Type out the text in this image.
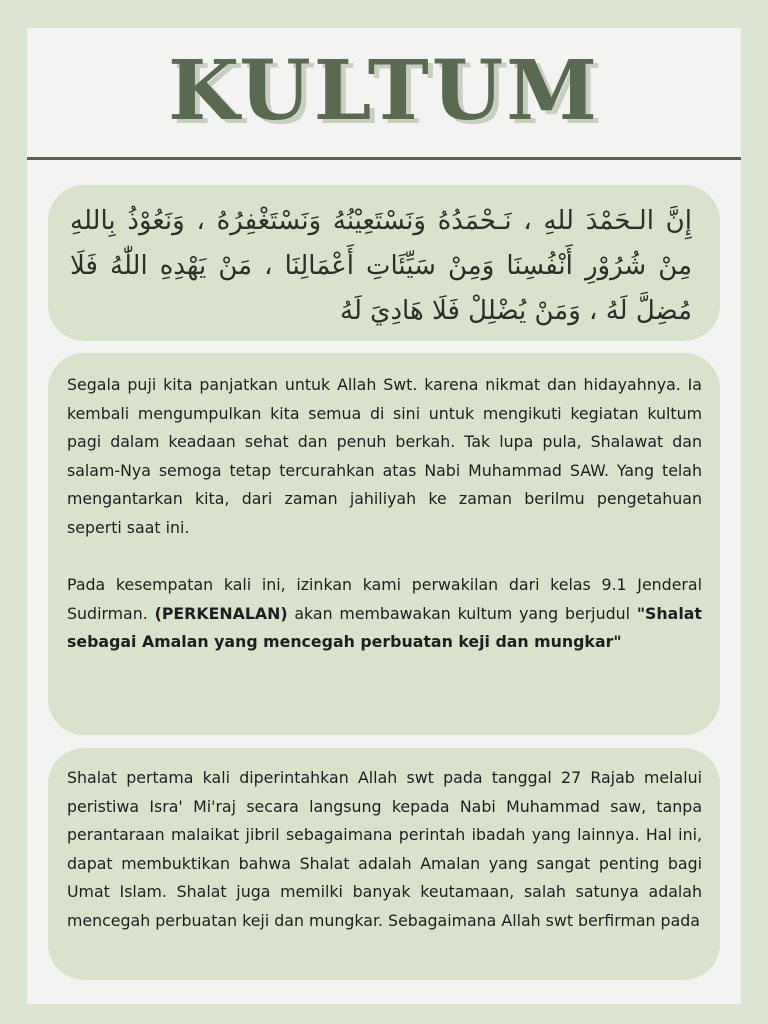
KULTUM
إِنَّ الـحَمْدَ للهِ ، نَـحْمَدُهُ وَنَسْتَعِيْنُهُ وَنَسْتَغْفِرُهُ ، وَنَعُوْذُ بِاللهِ مِنْ شُرُوْرِ أَنْفُسِنَا وَمِنْ سَيِّئَاتِ أَعْمَالِنَا ، مَنْ يَهْدِهِ اللّٰهُ فَلَا مُضِلَّ لَهُ ، وَمَنْ يُضْلِلْ فَلَا هَادِيَ لَهُ

Segala puji kita panjatkan untuk Allah Swt. karena nikmat dan hidayahnya. Ia kembali mengumpulkan kita semua di sini untuk mengikuti kegiatan kultum pagi dalam keadaan sehat dan penuh berkah. Tak lupa pula, Shalawat dan salam-Nya semoga tetap tercurahkan atas Nabi Muhammad SAW. Yang telah mengantarkan kita, dari zaman jahiliyah ke zaman berilmu pengetahuan seperti saat ini.

Pada kesempatan kali ini, izinkan kami perwakilan dari kelas 9.1 Jenderal Sudirman. (PERKENALAN) akan membawakan kultum yang berjudul "Shalat sebagai Amalan yang mencegah perbuatan keji dan mungkar"

Shalat pertama kali diperintahkan Allah swt pada tanggal 27 Rajab melalui peristiwa Isra' Mi'raj secara langsung kepada Nabi Muhammad saw, tanpa perantaraan malaikat jibril sebagaimana perintah ibadah yang lainnya. Hal ini, dapat membuktikan bahwa Shalat adalah Amalan yang sangat penting bagi Umat Islam. Shalat juga memilki banyak keutamaan, salah satunya adalah mencegah perbuatan keji dan mungkar. Sebagaimana Allah swt berfirman pada
